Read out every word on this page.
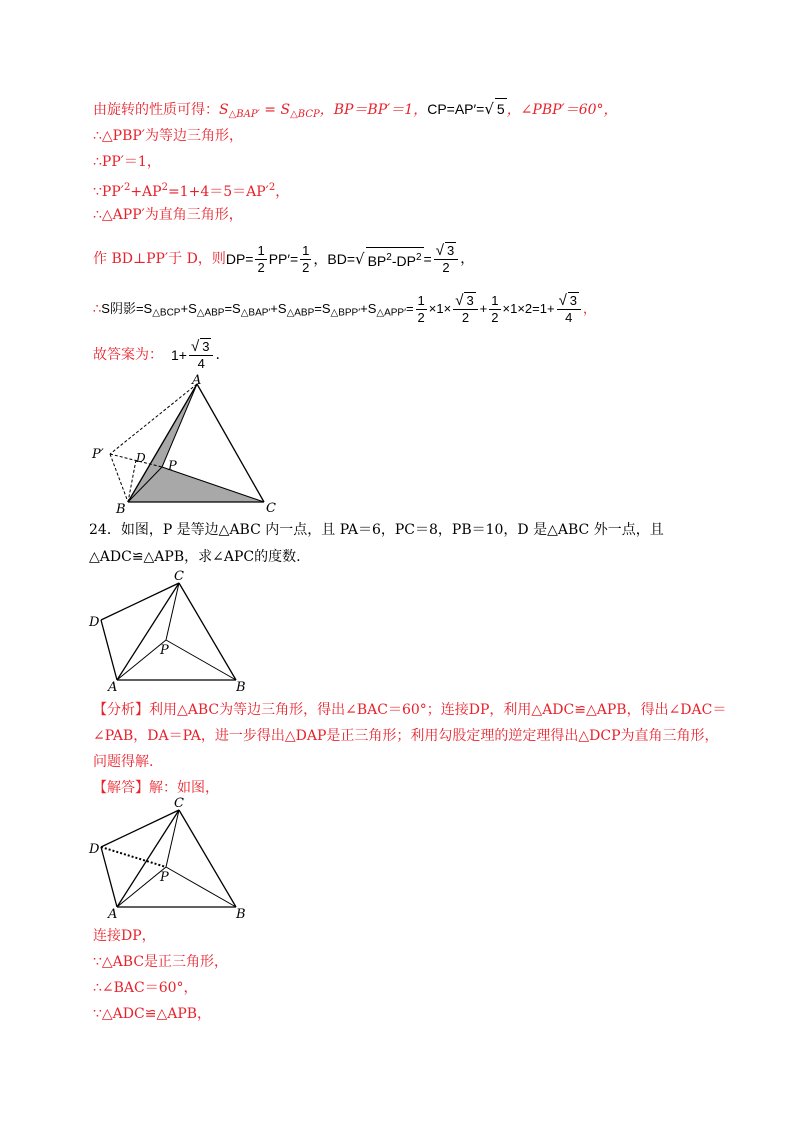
由旋转的性质可得：$S_{\triangle BAP'} = S_{\triangle BCP}$，BP＝BP′＝1，CP=AP′=√ 5 ，∠PBP′＝60°，
∴△PBP′为等边三角形，
∴PP′＝1，
$\because PP'^2+AP^2=1+4=5=AP'^2$，
∴△APP′为直角三角形，
作 BD⊥PP′于 D，则$DP= \frac{1}{2} PP'= \frac{1}{2}$ ，BD=√ $BP^2-DP^2 = \frac{√ 3}{2}$ ，
∴S阴影$=S_{\triangle BCP}+S_{\triangle ABP}=S_{\triangle BAP'}+S_{\triangle ABP}=S_{\triangle BPP'}+S_{\triangle APP'}= \frac{1}{2} \times 1\times \frac{√ 3}{2} + \frac{1}{2} \times 1\times 2=1+ \frac{√ 3}{4}$ ，
故答案为： $1+ \frac{√ 3}{4}$ .
A
P′	D
P
B	C
24．如图，P 是等边△ABC 内一点，且 PA＝6，PC＝8，PB＝10，D 是△ABC 外一点，且
△ADC≌△APB，求∠APC的度数.
C
D
P
A	B
【分析】利用△ABC为等边三角形，得出∠BAC＝60°；连接DP，利用△ADC≌△APB，得出∠DAC＝
∠PAB，DA＝PA，进一步得出△DAP是正三角形；利用勾股定理的逆定理得出△DCP为直角三角形，
问题得解.
【解答】解：如图，
C
D
P
A	B
连接DP，
∵△ABC是正三角形，
∴∠BAC＝60°，
∵△ADC≌△APB，
